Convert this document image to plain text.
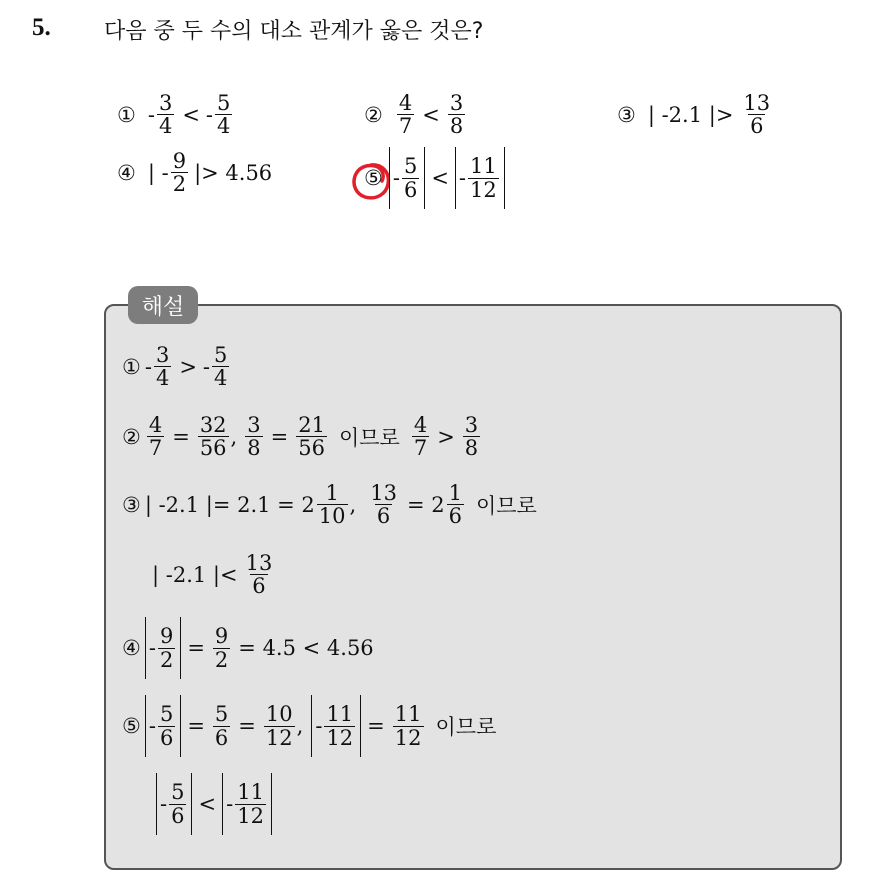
5. 다음 중 두 수의 대소 관계가 옳은 것은?
① - $\frac{3}{4}$ < - $\frac{5}{4}$	② $\frac{4}{7} < \frac{3}{8}$	③ | -2.1 |> $\frac{13}{6}$
④ | - $\frac{9}{2}$ |> 4.56	⑤ - $\frac{5}{6}$ < - $\frac{11}{12}$
해설
① - $\frac{3}{4}$ > - $\frac{5}{4}$
② $\frac{4}{7} = \frac{32}{56}$ , $\frac{3}{8} = \frac{21}{56}$ 이므로 $\frac{4}{7} > \frac{3}{8}$
③ | -2.1 |= $2.1 = 2 \frac{1}{10}$ , $\frac{13}{6} = 2 \frac{1}{6}$ 이므로
| -2.1 |< $\frac{13}{6}$
④ - $\frac{9}{2} = \frac{9}{2} = 4.5 < 4.56$
⑤ - $\frac{5}{6} = \frac{5}{6} = \frac{10}{12}$ , - $\frac{11}{12} = \frac{11}{12}$ 이므로
- $\frac{5}{6}$ < - $\frac{11}{12}$
